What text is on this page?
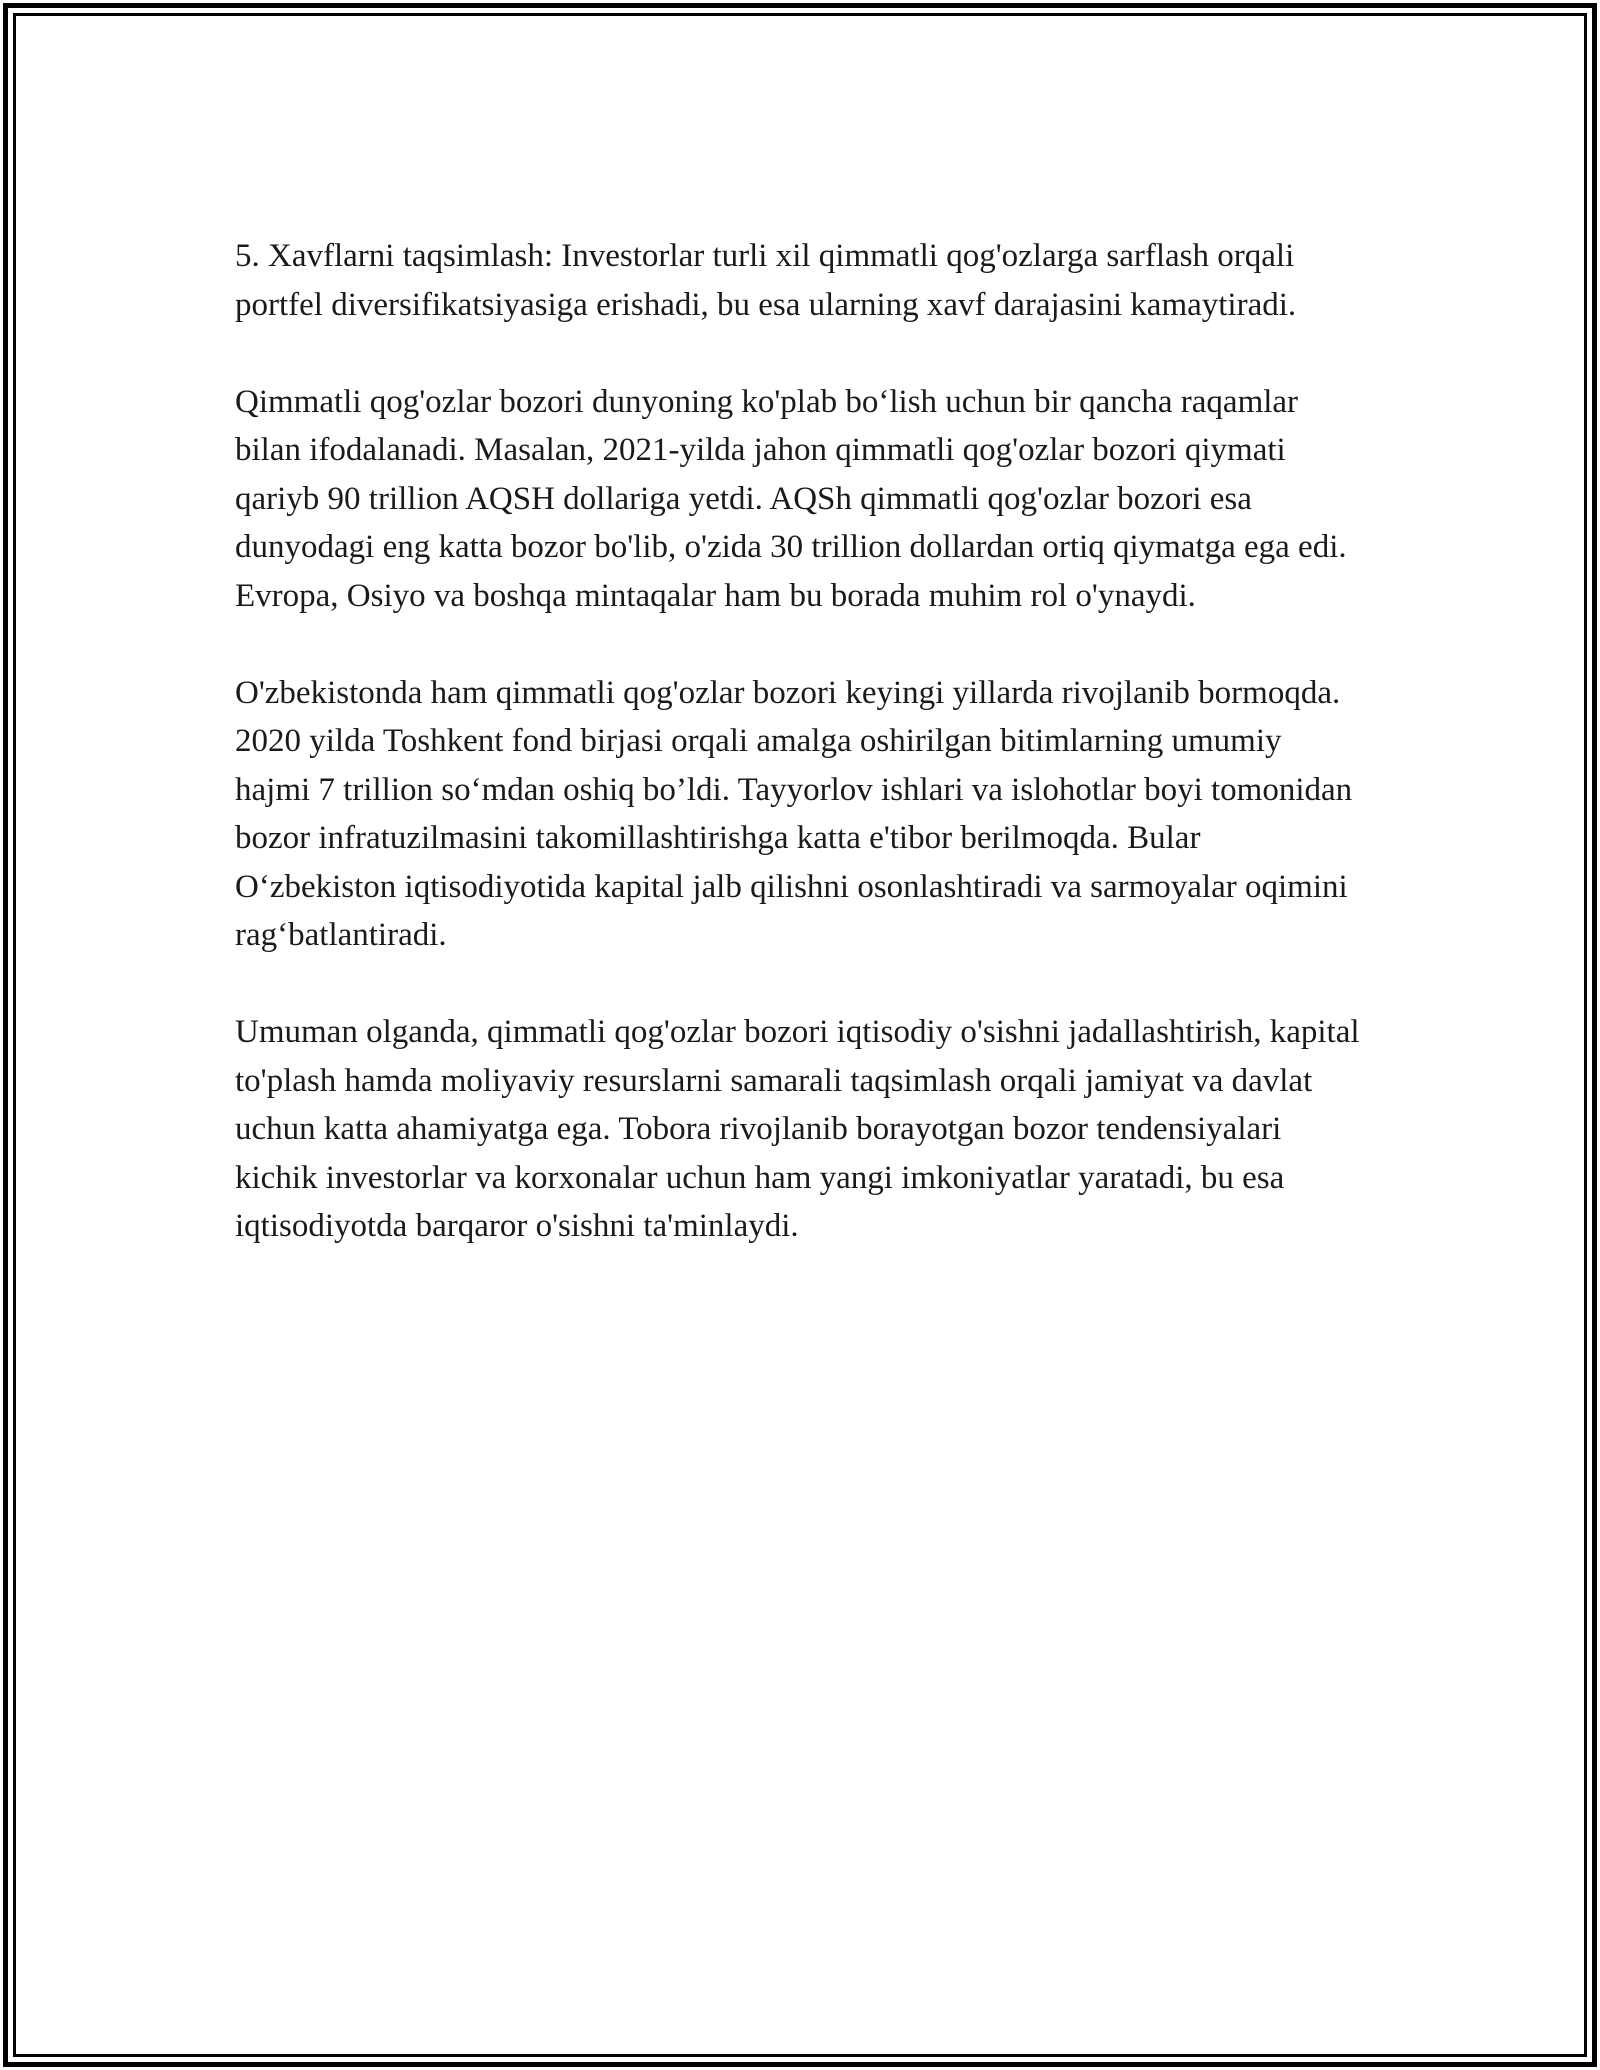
5. Xavflarni taqsimlash: Investorlar turli xil qimmatli qog'ozlarga sarflash orqali portfel diversifikatsiyasiga erishadi, bu esa ularning xavf darajasini kamaytiradi.

Qimmatli qog'ozlar bozori dunyoning ko'plab bo‘lish uchun bir qancha raqamlar bilan ifodalanadi. Masalan, 2021-yilda jahon qimmatli qog'ozlar bozori qiymati qariyb 90 trillion AQSH dollariga yetdi. AQSh qimmatli qog'ozlar bozori esa dunyodagi eng katta bozor bo'lib, o'zida 30 trillion dollardan ortiq qiymatga ega edi. Evropa, Osiyo va boshqa mintaqalar ham bu borada muhim rol o'ynaydi.

O'zbekistonda ham qimmatli qog'ozlar bozori keyingi yillarda rivojlanib bormoqda. 2020 yilda Toshkent fond birjasi orqali amalga oshirilgan bitimlarning umumiy hajmi 7 trillion so‘mdan oshiq bo’ldi. Tayyorlov ishlari va islohotlar boyi tomonidan bozor infratuzilmasini takomillashtirishga katta e'tibor berilmoqda. Bular O‘zbekiston iqtisodiyotida kapital jalb qilishni osonlashtiradi va sarmoyalar oqimini rag‘batlantiradi.

Umuman olganda, qimmatli qog'ozlar bozori iqtisodiy o'sishni jadallashtirish, kapital to'plash hamda moliyaviy resurslarni samarali taqsimlash orqali jamiyat va davlat uchun katta ahamiyatga ega. Tobora rivojlanib borayotgan bozor tendensiyalari kichik investorlar va korxonalar uchun ham yangi imkoniyatlar yaratadi, bu esa iqtisodiyotda barqaror o'sishni ta'minlaydi.
